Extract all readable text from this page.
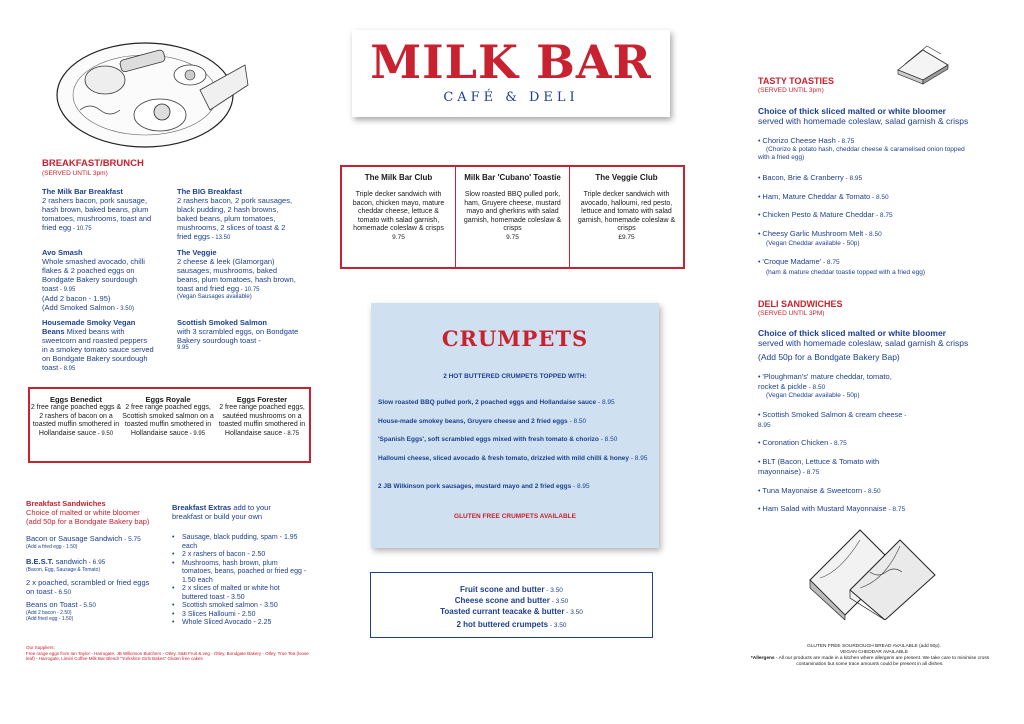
BREAKFAST/BRUNCH
(SERVED UNTIL 3pm)
The Milk Bar Breakfast
2 rashers bacon, pork sausage, hash brown, baked beans, plum tomatoes, mushrooms, toast and fried egg - 10.75
The BIG Breakfast
2 rashers bacon, 2 pork sausages, black pudding, 2 hash browns, baked beans, plum tomatoes, mushrooms, 2 slices of toast & 2 fried eggs - 13.50
Avo Smash
Whole smashed avocado, chilli flakes & 2 poached eggs on Bondgate Bakery sourdough toast - 9.95
(Add 2 bacon - 1.95)
(Add Smoked Salmon - 3.50)
The Veggie
2 cheese & leek (Glamorgan) sausages, mushrooms, baked beans, plum tomatoes, hash brown, toast and fried egg - 10.75
(Vegan Sausages available)
Housemade Smoky Vegan Beans Mixed beans with sweetcorn and roasted peppers in a smokey tomato sauce served on Bondgate Bakery sourdough toast - 8.95
Scottish Smoked Salmon
with 3 scrambled eggs, on Bondgate Bakery sourdough toast -
9.95
Eggs Benedict
2 free range poached eggs & 2 rashers of bacon on a toasted muffin smothered in Hollandaise sauce - 9.50
Eggs Royale
2 free range poached eggs, Scottish smoked salmon on a toasted muffin smothered in Hollandaise sauce - 9.95
Eggs Forester
2 free range poached eggs, sautéed mushrooms on a toasted muffin smothered in Hollandaise sauce - 8.75
Breakfast Sandwiches
Choice of malted or white bloomer
(add 50p for a Bondgate Bakery bap)
Bacon or Sausage Sandwich - 5.75
(Add a fried egg - 1.50)
B.E.S.T. sandwich - 6.95
(Bacon, Egg, Sausage & Tomato)
2 x poached, scrambled or fried eggs on toast - 6.50
Beans on Toast - 5.50
(Add 2 bacon - 2.50)
(Add fried egg - 1.50)
Breakfast Extras add to your
breakfast or build your own
• Sausage, black pudding, spam - 1.95 each
• 2 x rashers of bacon - 2.50
• Mushrooms, hash brown, plum tomatoes, beans, poached or fried egg - 1.50 each
• 2 x slices of malted or white hot buttered toast - 3.50
• Scottish smoked salmon - 3.50
• 3 Slices Halloumi - 2.50
• Whole Sliced Avocado - 2.25
Our Suppliers:
Free range eggs from Ian Taylor - Harrogate, JB Wilkinson Butchers - Otley, S&B Fruit & veg - Otley, Bondgate Bakery - Otley, True Tea (loose leaf) - Harrogate, Limini Coffee Milk Bar Blend! "Yorkshire Girls Bakes" Gluten free cakes
MILK BAR
CAFÉ & DELI
The Milk Bar Club
Triple decker sandwich with bacon, chicken mayo, mature cheddar cheese, lettuce & tomato with salad garnish, homemade coleslaw & crisps
9.75
Milk Bar 'Cubano' Toastie
Slow roasted BBQ pulled pork, ham, Gruyere cheese, mustard mayo and gherkins with salad garnish, homemade coleslaw & crisps
9.75
The Veggie Club
Triple decker sandwich with avocado, halloumi, red pesto, lettuce and tomato with salad garnish, homemade coleslaw & crisps
£9.75
CRUMPETS
2 HOT BUTTERED CRUMPETS TOPPED WITH:
Slow roasted BBQ pulled pork, 2 poached eggs and Hollandaise sauce - 8.95
House-made smokey beans, Gruyere cheese and 2 fried eggs - 8.50
'Spanish Eggs', soft scrambled eggs mixed with fresh tomato & chorizo - 8.50
Halloumi cheese, sliced avocado & fresh tomato, drizzled with mild chilli & honey - 8.95
2 JB Wilkinson pork sausages, mustard mayo and 2 fried eggs - 8.95
GLUTEN FREE CRUMPETS AVAILABLE
Fruit scone and butter - 3.50
Cheese scone and butter - 3.50
Toasted currant teacake & butter - 3.50
2 hot buttered crumpets - 3.50
TASTY TOASTIES
(SERVED UNTIL 3pm)
Choice of thick sliced malted or white bloomer
served with homemade coleslaw, salad garnish & crisps
• Chorizo Cheese Hash - 8.75
(Chorizo & potato hash, cheddar cheese & caramelised onion topped with a fried egg)
• Bacon, Brie & Cranberry - 8.95
• Ham, Mature Cheddar & Tomato - 8.50
• Chicken Pesto & Mature Cheddar - 8.75
• Cheesy Garlic Mushroom Melt - 8.50
(Vegan Cheddar available - 50p)
• 'Croque Madame' - 8.75
(ham & mature cheddar toastie topped with a fried egg)
DELI SANDWICHES
(SERVED UNTIL 3PM)
Choice of thick sliced malted or white bloomer
served with homemade coleslaw, salad garnish & crisps
(Add 50p for a Bondgate Bakery Bap)
• 'Ploughman's' mature cheddar, tomato, rocket & pickle - 8.50
(Vegan Cheddar available - 50p)
• Scottish Smoked Salmon & cream cheese - 8.95
• Coronation Chicken - 8.75
• BLT (Bacon, Lettuce & Tomato with mayonnaise) - 8.75
• Tuna Mayonaise & Sweetcorn - 8.50
• Ham Salad with Mustard Mayonnaise - 8.75
GLUTEN FREE SOURDOUGH BREAD AVAILABLE (add 50p).
VEGAN CHEDDAR AVAILABLE
*Allergens - All our products are made in a kitchen where allergens are present. We take care to minimise cross contamination but some trace amounts could be present in all dishes.
